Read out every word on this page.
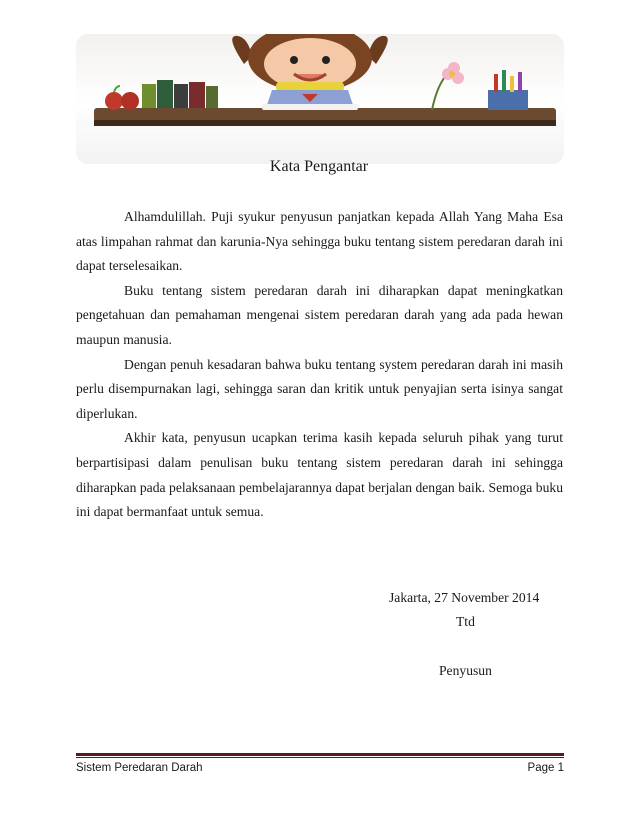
Kata Pengantar

Alhamdulillah. Puji syukur penyusun panjatkan kepada Allah Yang Maha Esa atas limpahan rahmat dan karunia-Nya sehingga buku tentang sistem peredaran darah ini dapat terselesaikan.

Buku tentang sistem peredaran darah ini diharapkan dapat meningkatkan pengetahuan dan pemahaman mengenai sistem peredaran darah yang ada pada hewan maupun manusia.

Dengan penuh kesadaran bahwa buku tentang system peredaran darah ini masih perlu disempurnakan lagi, sehingga saran dan kritik untuk penyajian serta isinya sangat diperlukan.

Akhir kata, penyusun ucapkan terima kasih kepada seluruh pihak yang turut berpartisipasi dalam penulisan buku tentang sistem peredaran darah ini sehingga diharapkan pada pelaksanaan pembelajarannya dapat berjalan dengan baik. Semoga buku ini dapat bermanfaat untuk semua.

Jakarta, 27 November 2014
Ttd
Penyusun
Sistem Peredaran Darah	Page 1
